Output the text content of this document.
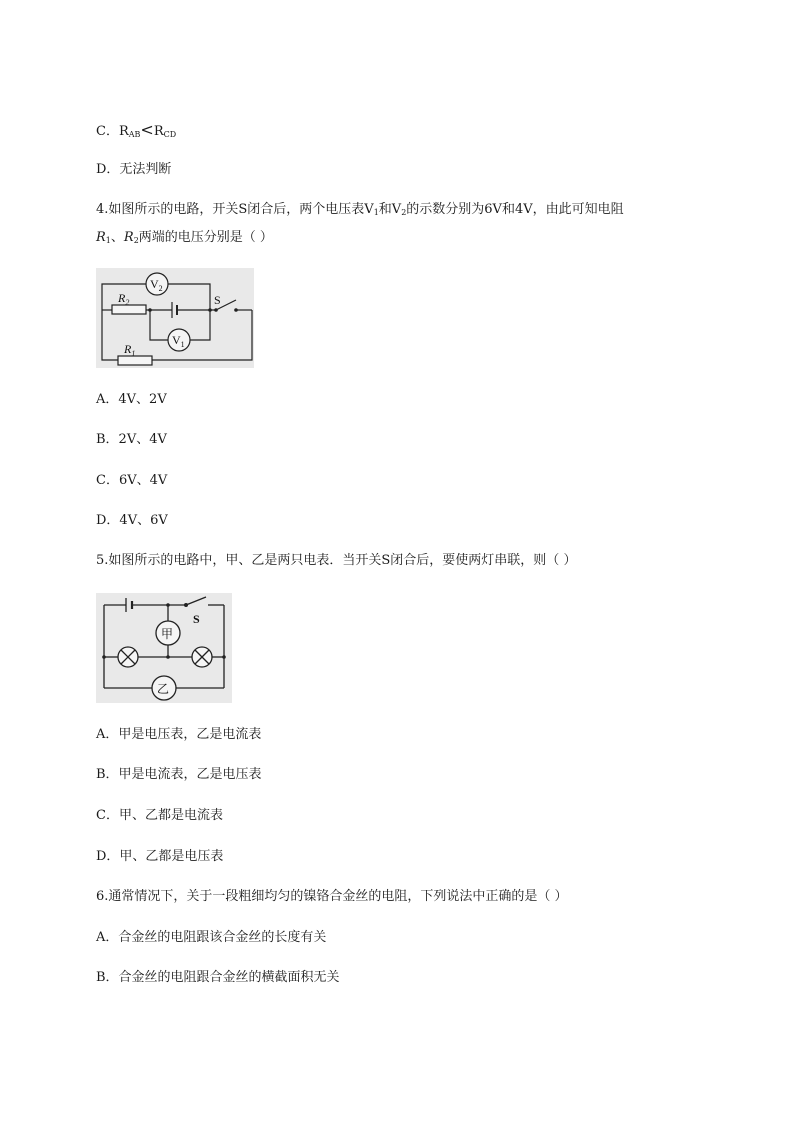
C．$R_{AB}<R_{CD}$
D．无法判断
4.如图所示的电路，开关S闭合后，两个电压表$V_1$和$V_2$的示数分别为6V和4V，由此可知电阻
$R_1$、$R_2$两端的电压分别是（ ）
$V_2$
$V_1$
$R_2$
$R_1$
S
A．4V、2V
B．2V、4V
C．6V、4V
D．4V、6V
5.如图所示的电路中，甲、乙是两只电表．当开关S闭合后，要使两灯串联，则（ ）
甲
乙
S
A．甲是电压表，乙是电流表
B．甲是电流表，乙是电压表
C．甲、乙都是电流表
D．甲、乙都是电压表
6.通常情况下，关于一段粗细均匀的镍铬合金丝的电阻，下列说法中正确的是（ ）
A．合金丝的电阻跟该合金丝的长度有关
B．合金丝的电阻跟合金丝的横截面积无关
